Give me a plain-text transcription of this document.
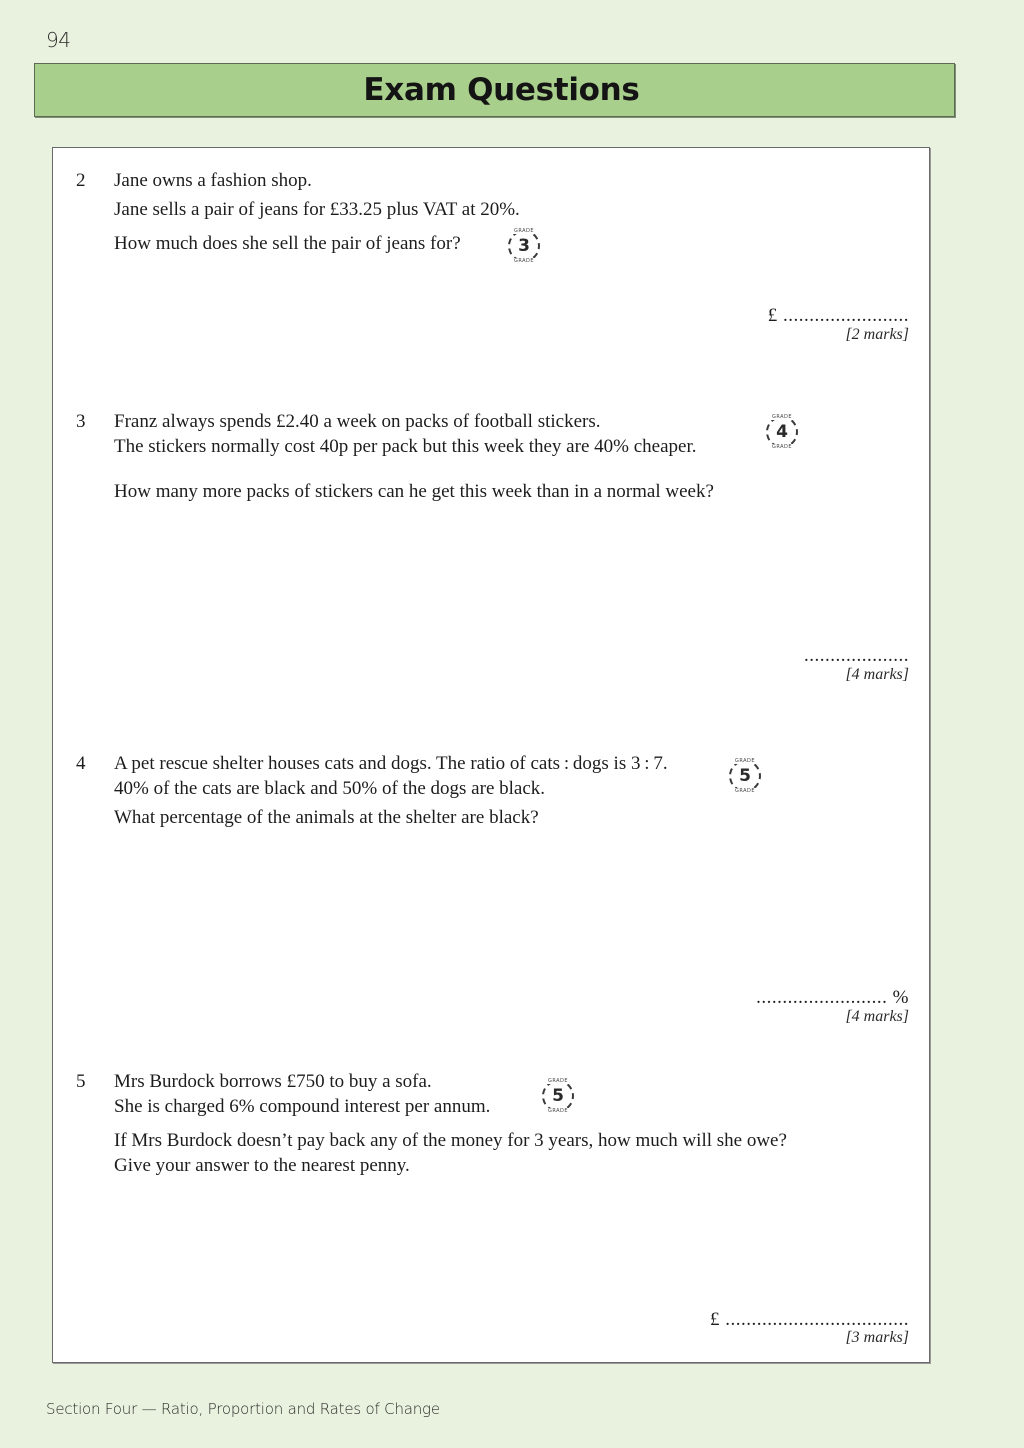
94
Exam Questions
2 Jane owns a fashion shop.
Jane sells a pair of jeans for £33.25 plus VAT at 20%.
How much does she sell the pair of jeans for?
GRADE
3
GRADE
£ ........................
[2 marks]
3 Franz always spends £2.40 a week on packs of football stickers.
The stickers normally cost 40p per pack but this week they are 40% cheaper.
How many more packs of stickers can he get this week than in a normal week?
GRADE
4
GRADE
....................
[4 marks]
4 A pet rescue shelter houses cats and dogs. The ratio of cats : dogs is 3 : 7.
40% of the cats are black and 50% of the dogs are black.
What percentage of the animals at the shelter are black?
GRADE
5
GRADE
......................... %
[4 marks]
5 Mrs Burdock borrows £750 to buy a sofa.
She is charged 6% compound interest per annum.
If Mrs Burdock doesn’t pay back any of the money for 3 years, how much will she owe?
Give your answer to the nearest penny.
GRADE
5
GRADE
£ ...................................
[3 marks]
Section Four — Ratio, Proportion and Rates of Change
